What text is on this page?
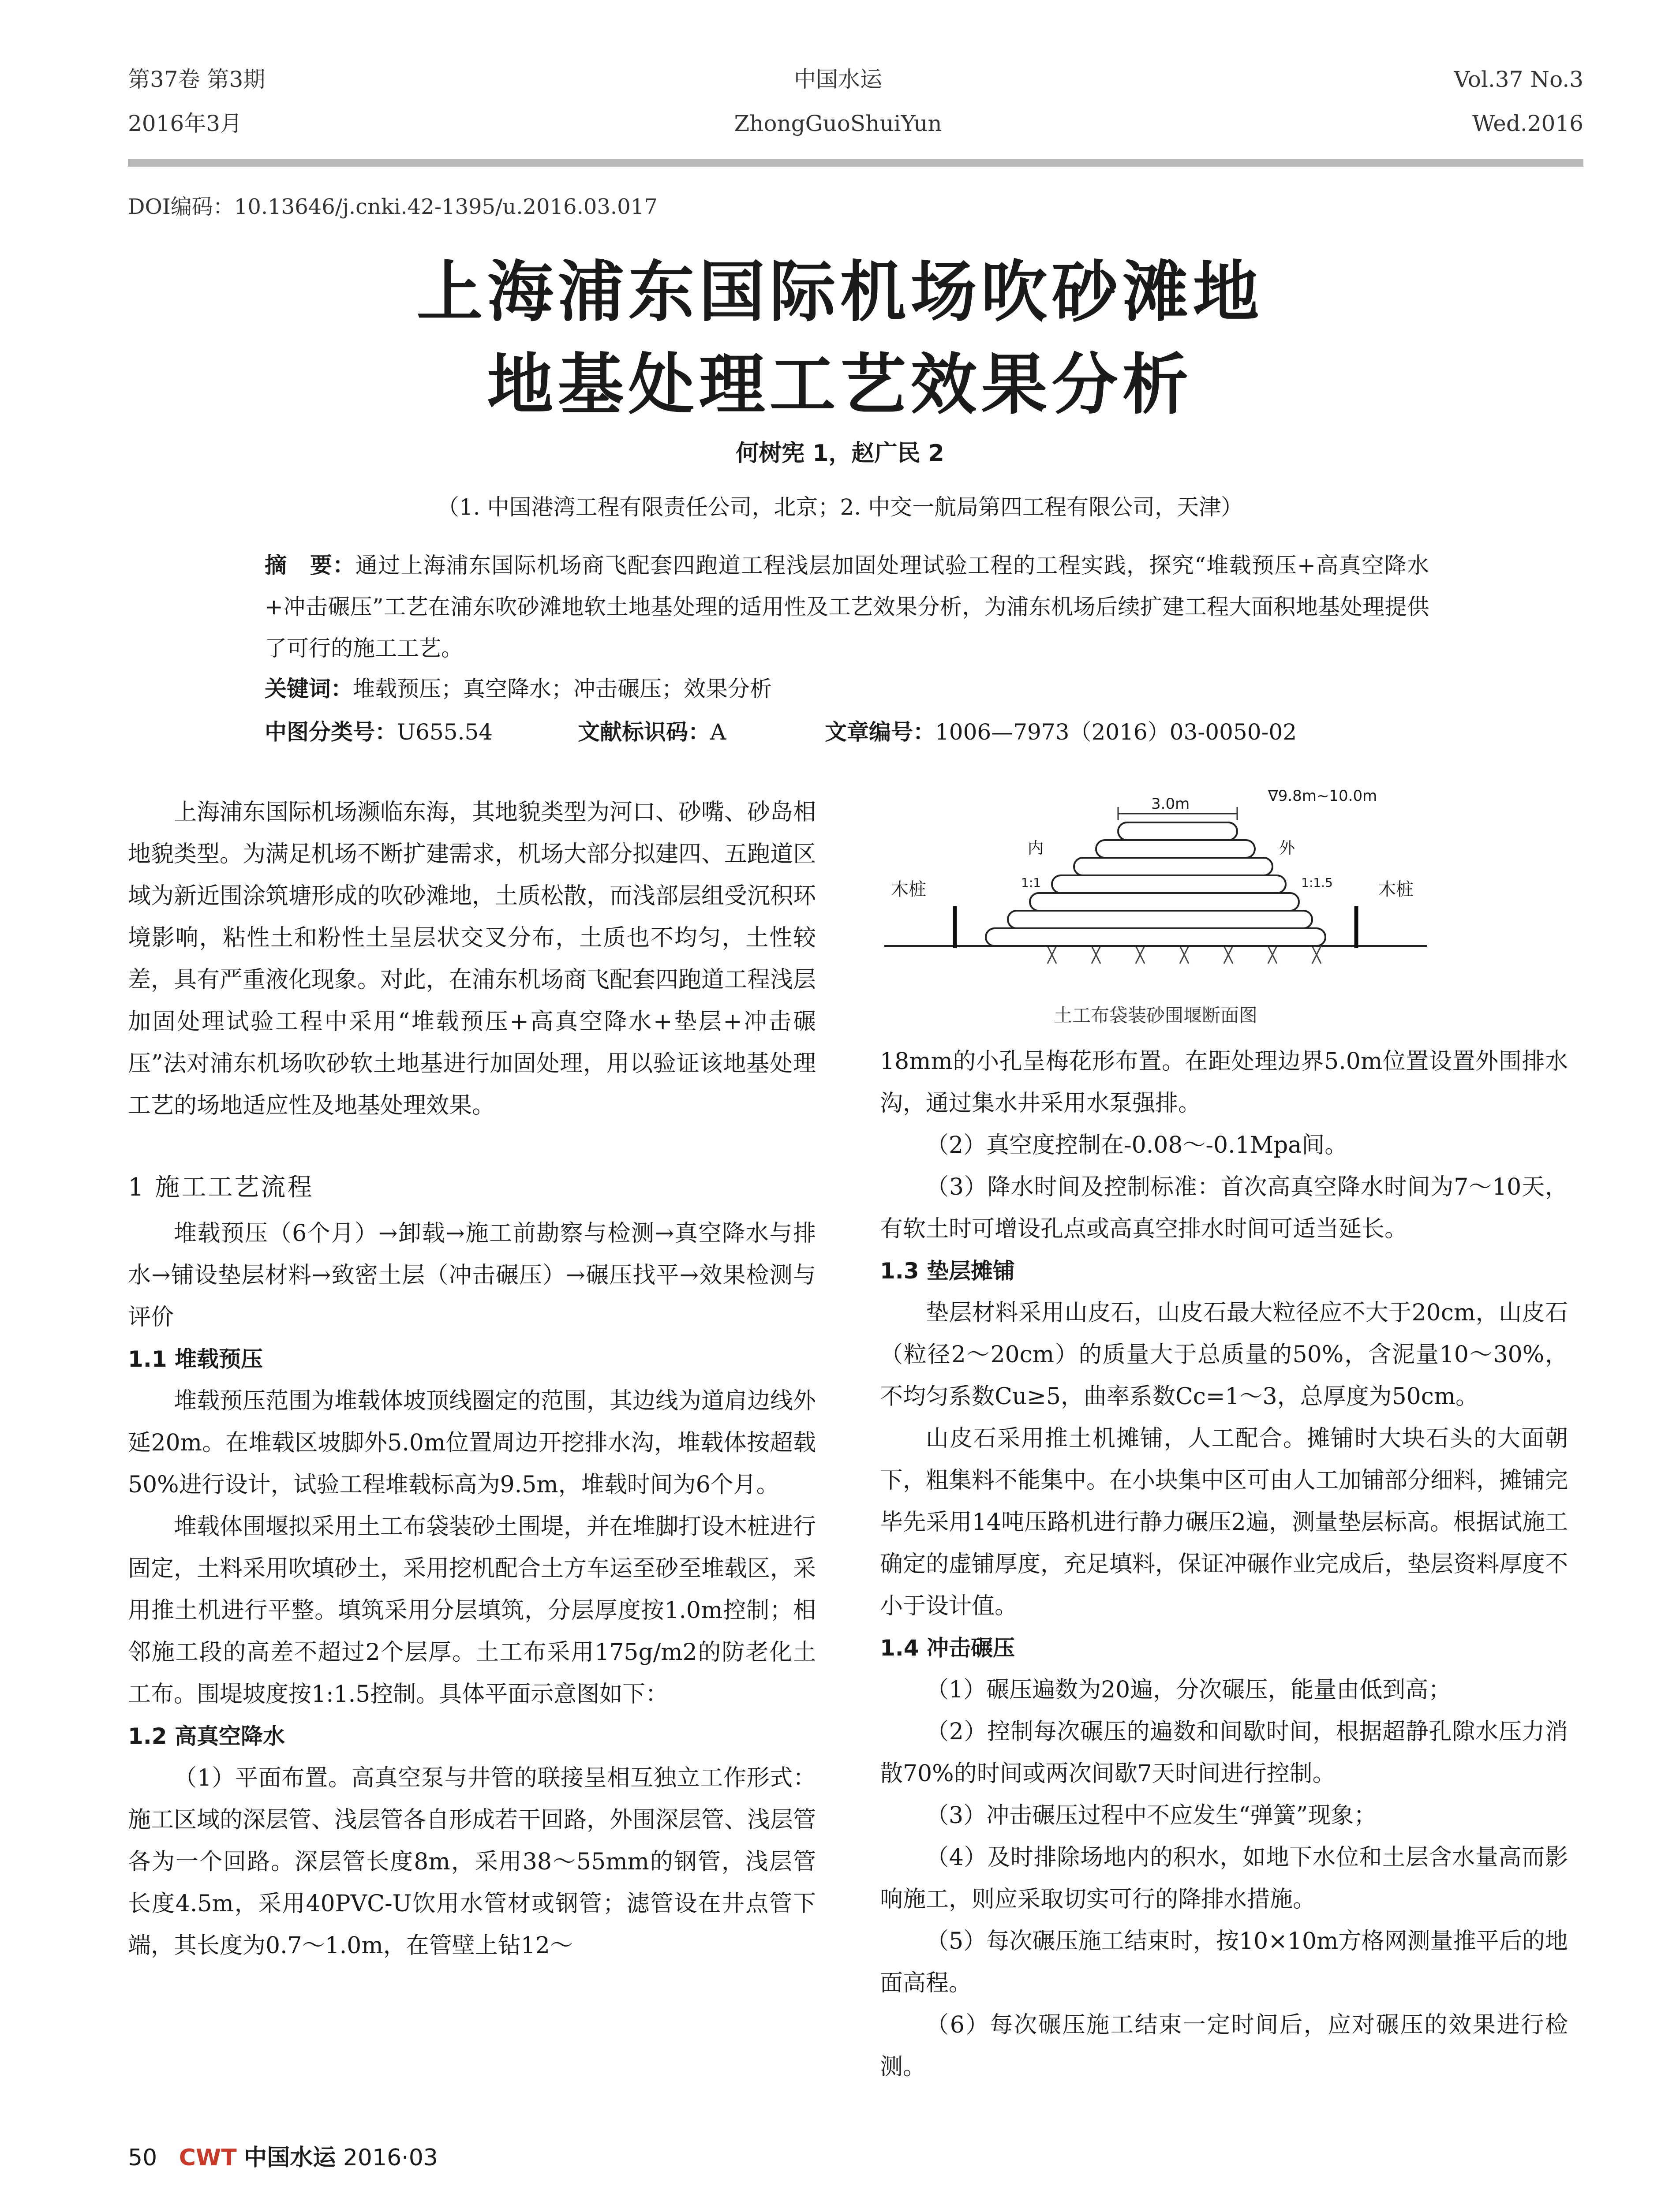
第37卷 第3期
2016年3月
中国水运
ZhongGuoShuiYun
Vol.37 No.3
Wed.2016
DOI编码：10.13646/j.cnki.42-1395/u.2016.03.017
上海浦东国际机场吹砂滩地
地基处理工艺效果分析
何树宪 1，赵广民 2
（1. 中国港湾工程有限责任公司，北京；2. 中交一航局第四工程有限公司，天津）
摘　要：通过上海浦东国际机场商飞配套四跑道工程浅层加固处理试验工程的工程实践，探究“堆载预压+高真空降水+冲击碾压”工艺在浦东吹砂滩地软土地基处理的适用性及工艺效果分析，为浦东机场后续扩建工程大面积地基处理提供了可行的施工工艺。
关键词：堆载预压；真空降水；冲击碾压；效果分析
中图分类号：U655.54	文献标识码：A	文章编号：1006—7973（2016）03-0050-02

上海浦东国际机场濒临东海，其地貌类型为河口、砂嘴、砂岛相地貌类型。为满足机场不断扩建需求，机场大部分拟建四、五跑道区域为新近围涂筑塘形成的吹砂滩地，土质松散，而浅部层组受沉积环境影响，粘性土和粉性土呈层状交叉分布，土质也不均匀，土性较差，具有严重液化现象。对此，在浦东机场商飞配套四跑道工程浅层加固处理试验工程中采用“堆载预压+高真空降水+垫层+冲击碾压”法对浦东机场吹砂软土地基进行加固处理，用以验证该地基处理工艺的场地适应性及地基处理效果。

1 施工工艺流程

堆载预压（6个月）→卸载→施工前勘察与检测→真空降水与排水→铺设垫层材料→致密土层（冲击碾压）→碾压找平→效果检测与评价

1.1 堆载预压

堆载预压范围为堆载体坡顶线圈定的范围，其边线为道肩边线外延20m。在堆载区坡脚外5.0m位置周边开挖排水沟，堆载体按超载50%进行设计，试验工程堆载标高为9.5m，堆载时间为6个月。

堆载体围堰拟采用土工布袋装砂土围堤，并在堆脚打设木桩进行固定，土料采用吹填砂土，采用挖机配合土方车运至砂至堆载区，采用推土机进行平整。填筑采用分层填筑，分层厚度按1.0m控制；相邻施工段的高差不超过2个层厚。土工布采用175g/m2的防老化土工布。围堤坡度按1:1.5控制。具体平面示意图如下：

1.2 高真空降水

（1）平面布置。高真空泵与井管的联接呈相互独立工作形式：施工区域的深层管、浅层管各自形成若干回路，外围深层管、浅层管各为一个回路。深层管长度8m，采用38～55mm的钢管，浅层管长度4.5m，采用40PVC-U饮用水管材或钢管；滤管设在井点管下端，其长度为0.7～1.0m，在管壁上钻12～

3.0m	∇9.8m~10.0m
内	外
1:1	1:1.5
木桩	木桩
土工布袋装砂围堰断面图

18mm的小孔呈梅花形布置。在距处理边界5.0m位置设置外围排水沟，通过集水井采用水泵强排。

（2）真空度控制在-0.08～-0.1Mpa间。

（3）降水时间及控制标准：首次高真空降水时间为7～10天，有软土时可增设孔点或高真空排水时间可适当延长。

1.3 垫层摊铺

垫层材料采用山皮石，山皮石最大粒径应不大于20cm，山皮石（粒径2～20cm）的质量大于总质量的50%，含泥量10～30%，不均匀系数Cu≥5，曲率系数Cc=1～3，总厚度为50cm。

山皮石采用推土机摊铺，人工配合。摊铺时大块石头的大面朝下，粗集料不能集中。在小块集中区可由人工加铺部分细料，摊铺完毕先采用14吨压路机进行静力碾压2遍，测量垫层标高。根据试施工确定的虚铺厚度，充足填料，保证冲碾作业完成后，垫层资料厚度不小于设计值。

1.4 冲击碾压

（1）碾压遍数为20遍，分次碾压，能量由低到高；

（2）控制每次碾压的遍数和间歇时间，根据超静孔隙水压力消散70%的时间或两次间歇7天时间进行控制。

（3）冲击碾压过程中不应发生“弹簧”现象；

（4）及时排除场地内的积水，如地下水位和土层含水量高而影响施工，则应采取切实可行的降排水措施。

（5）每次碾压施工结束时，按10×10m方格网测量推平后的地面高程。

（6）每次碾压施工结束一定时间后，应对碾压的效果进行检测。

50 CWT 中国水运 2016·03
